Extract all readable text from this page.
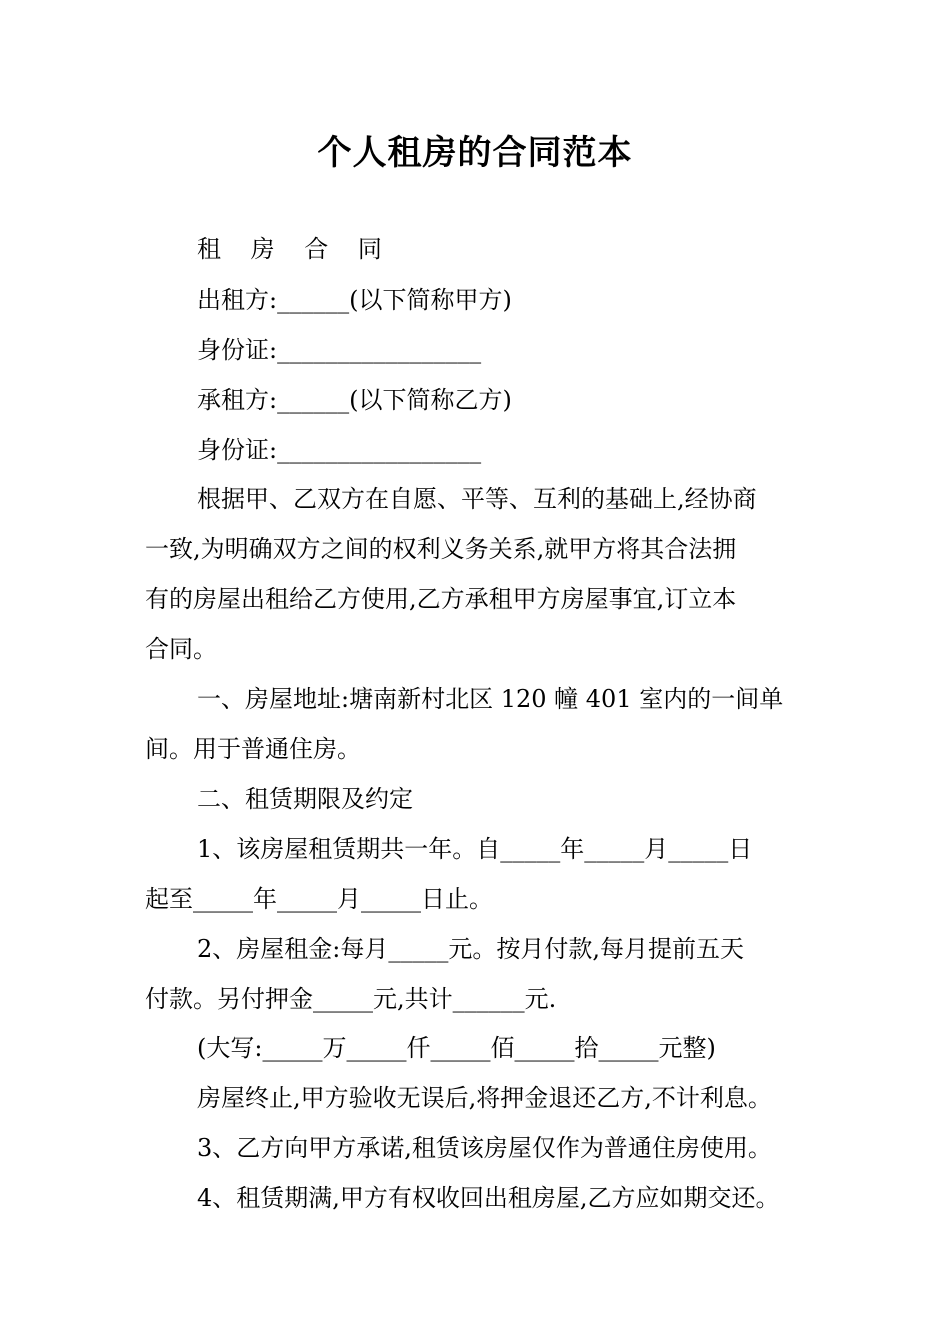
个人租房的合同范本
租 房 合 同
出租方:______(以下简称甲方)
身份证:_________________
承租方:______(以下简称乙方)
身份证:_________________
根据甲、乙双方在自愿、平等、互利的基础上,经协商
一致,为明确双方之间的权利义务关系,就甲方将其合法拥
有的房屋出租给乙方使用,乙方承租甲方房屋事宜,订立本
合同。
一、房屋地址:塘南新村北区 120 幢 401 室内的一间单
间。用于普通住房。
二、租赁期限及约定
1、该房屋租赁期共一年。自_____年_____月_____日
起至_____年_____月_____日止。
2、房屋租金:每月_____元。按月付款,每月提前五天
付款。另付押金_____元,共计______元.
(大写:_____万_____仟_____佰_____拾_____元整)
房屋终止,甲方验收无误后,将押金退还乙方,不计利息。
3、乙方向甲方承诺,租赁该房屋仅作为普通住房使用。
4、租赁期满,甲方有权收回出租房屋,乙方应如期交还。
